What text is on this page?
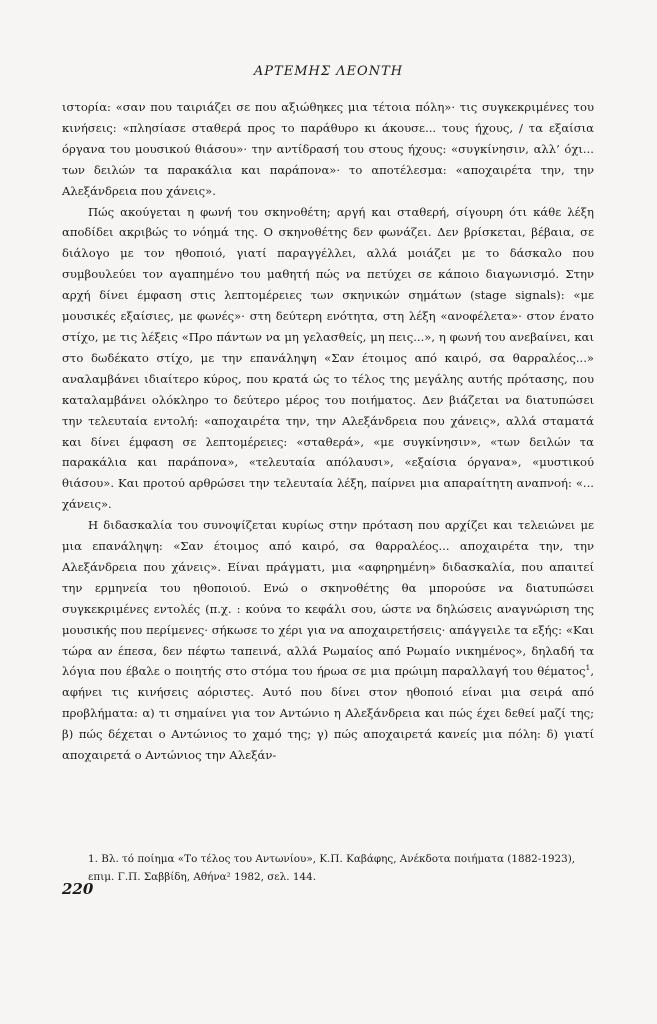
ΑΡΤΕΜΗΣ ΛΕΟΝΤΗ

ιστορία: «σαν που ταιριάζει σε που αξιώθηκες μια τέτοια πόλη»· τις συγκεκριμένες του κινήσεις: «πλησίασε σταθερά προς το παράθυρο κι άκουσε... τους ήχους, / τα εξαίσια όργανα του μουσικού θιάσου»· την αντίδρασή του στους ήχους: «συγκίνησιν, αλλ’ όχι... των δειλών τα παρακάλια και παράπονα»· το αποτέλεσμα: «αποχαιρέτα την, την Αλεξάνδρεια που χάνεις».

Πώς ακούγεται η φωνή του σκηνοθέτη; αργή και σταθερή, σίγουρη ότι κάθε λέξη αποδίδει ακριβώς το νόημά της. Ο σκηνοθέτης δεν φωνάζει. Δεν βρίσκεται, βέβαια, σε διάλογο με τον ηθοποιό, γιατί παραγγέλλει, αλλά μοιάζει με το δάσκαλο που συμβουλεύει τον αγαπημένο του μαθητή πώς να πετύχει σε κάποιο διαγωνισμό. Στην αρχή δίνει έμφαση στις λεπτομέρειες των σκηνικών σημάτων (stage signals): «με μουσικές εξαίσιες, με φωνές»· στη δεύτερη ενότητα, στη λέξη «ανοφέλετα»· στον ένατο στίχο, με τις λέξεις «Προ πάντων να μη γελασθείς, μη πεις...», η φωνή του ανεβαίνει, και στο δωδέκατο στίχο, με την επανάληψη «Σαν έτοιμος από καιρό, σα θαρραλέος...» αναλαμβάνει ιδιαίτερο κύρος, που κρατά ώς το τέλος της μεγάλης αυτής πρότασης, που καταλαμβάνει ολόκληρο το δεύτερο μέρος του ποιήματος. Δεν βιάζεται να διατυπώσει την τελευταία εντολή: «αποχαιρέτα την, την Αλεξάνδρεια που χάνεις», αλλά σταματά και δίνει έμφαση σε λεπτομέρειες: «σταθερά», «με συγκίνησιν», «των δειλών τα παρακάλια και παράπονα», «τελευταία απόλαυσι», «εξαίσια όργανα», «μυστικού θιάσου». Και προτού αρθρώσει την τελευταία λέξη, παίρνει μια απαραίτητη αναπνοή: «... χάνεις».

Η διδασκαλία του συνοψίζεται κυρίως στην πρόταση που αρχίζει και τελειώνει με μια επανάληψη: «Σαν έτοιμος από καιρό, σα θαρραλέος... αποχαιρέτα την, την Αλεξάνδρεια που χάνεις». Είναι πράγματι, μια «αφηρημένη» διδασκαλία, που απαιτεί την ερμηνεία του ηθοποιού. Ενώ ο σκηνοθέτης θα μπορούσε να διατυπώσει συγκεκριμένες εντολές (π.χ. : κούνα το κεφάλι σου, ώστε να δηλώσεις αναγνώριση της μουσικής που περίμενες· σήκωσε το χέρι για να αποχαιρετήσεις· απάγγειλε τα εξής: «Και τώρα αν έπεσα, δεν πέφτω ταπεινά, αλλά Ρωμαίος από Ρωμαίο νικημένος», δηλαδή τα λόγια που έβαλε ο ποιητής στο στόμα του ήρωα σε μια πρώιμη παραλλαγή του θέματος$^1$, αφήνει τις κινήσεις αόριστες. Αυτό που δίνει στον ηθοποιό είναι μια σειρά από προβλήματα: α) τι σημαίνει για τον Αντώνιο η Αλεξάνδρεια και πώς έχει δεθεί μαζί της; β) πώς δέχεται ο Αντώνιος το χαμό της; γ) πώς αποχαιρετά κανείς μια πόλη: δ) γιατί αποχαιρετά ο Αντώνιος την Αλεξάν-

1. Βλ. τό ποίημα «Το τέλος του Αντωνίου», Κ.Π. Καβάφης, Ανέκδοτα ποιήματα (1882-1923), επιμ. Γ.Π. Σαββίδη, Αθήνα² 1982, σελ. 144.

220
